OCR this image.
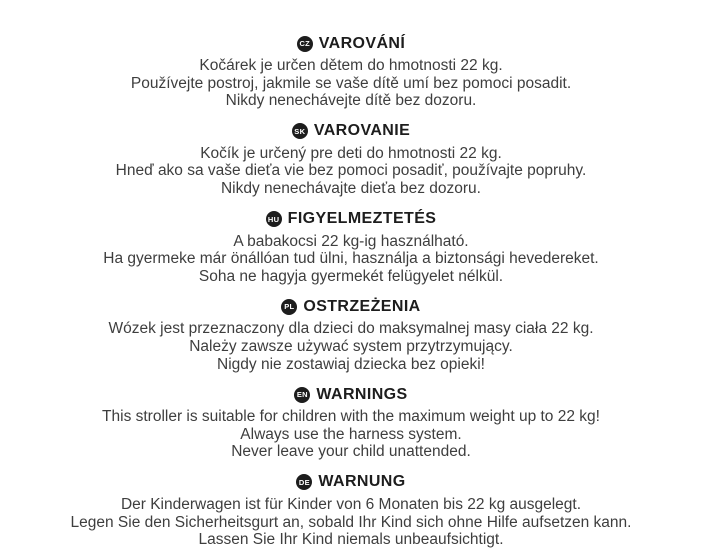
CZ VAROVÁNÍ

Kočárek je určen dětem do hmotnosti 22 kg.

Používejte postroj, jakmile se vaše dítě umí bez pomoci posadit.

Nikdy nenechávejte dítě bez dozoru.

SK VAROVANIE

Kočík je určený pre deti do hmotnosti 22 kg.

Hneď ako sa vaše dieťa vie bez pomoci posadiť, používajte popruhy.

Nikdy nenechávajte dieťa bez dozoru.

HU FIGYELMEZTETÉS

A babakocsi 22 kg-ig használható.

Ha gyermeke már önállóan tud ülni, használja a biztonsági hevedereket.

Soha ne hagyja gyermekét felügyelet nélkül.

PL OSTRZEŻENIA

Wózek jest przeznaczony dla dzieci do maksymalnej masy ciała 22 kg.

Należy zawsze używać system przytrzymujący.

Nigdy nie zostawiaj dziecka bez opieki!

EN WARNINGS

This stroller is suitable for children with the maximum weight up to 22 kg!

Always use the harness system.

Never leave your child unattended.

DE WARNUNG

Der Kinderwagen ist für Kinder von 6 Monaten bis 22 kg ausgelegt.

Legen Sie den Sicherheitsgurt an, sobald Ihr Kind sich ohne Hilfe aufsetzen kann.

Lassen Sie Ihr Kind niemals unbeaufsichtigt.
